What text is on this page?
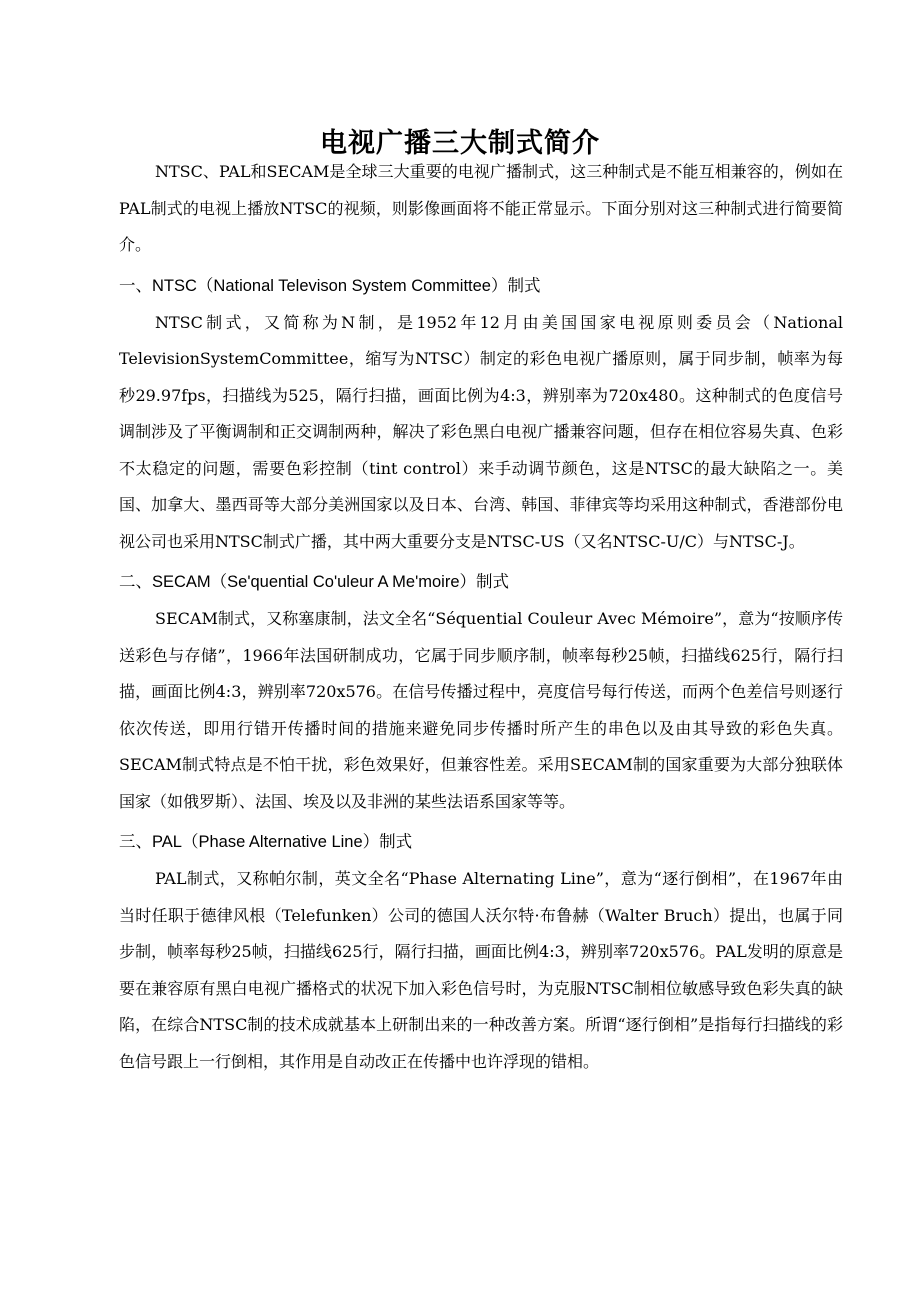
电视广播三大制式简介

NTSC、PAL和SECAM是全球三大重要的电视广播制式，这三种制式是不能互相兼容的，例如在PAL制式的电视上播放NTSC的视频，则影像画面将不能正常显示。下面分别对这三种制式进行简要简介。

一、NTSC（National Televison System Committee）制式

NTSC制式，又简称为N制，是1952年12月由美国国家电视原则委员会（National TelevisionSystemCommittee，缩写为NTSC）制定的彩色电视广播原则，属于同步制，帧率为每秒29.97fps，扫描线为525，隔行扫描，画面比例为4:3，辨别率为720x480。这种制式的色度信号调制涉及了平衡调制和正交调制两种，解决了彩色黑白电视广播兼容问题，但存在相位容易失真、色彩不太稳定的问题，需要色彩控制（tint control）来手动调节颜色，这是NTSC的最大缺陷之一。美国、加拿大、墨西哥等大部分美洲国家以及日本、台湾、韩国、菲律宾等均采用这种制式，香港部份电视公司也采用NTSC制式广播，其中两大重要分支是NTSC-US（又名NTSC-U/C）与NTSC-J。

二、SECAM（Se'quential Co'uleur A Me'moire）制式

SECAM制式，又称塞康制，法文全名“Séquential Couleur Avec Mémoire”，意为“按顺序传送彩色与存储”，1966年法国研制成功，它属于同步顺序制，帧率每秒25帧，扫描线625行，隔行扫描，画面比例4:3，辨别率720x576。在信号传播过程中，亮度信号每行传送，而两个色差信号则逐行依次传送，即用行错开传播时间的措施来避免同步传播时所产生的串色以及由其导致的彩色失真。SECAM制式特点是不怕干扰，彩色效果好，但兼容性差。采用SECAM制的国家重要为大部分独联体国家（如俄罗斯）、法国、埃及以及非洲的某些法语系国家等等。

三、PAL（Phase Alternative Line）制式

PAL制式，又称帕尔制，英文全名“Phase Alternating Line”，意为“逐行倒相”，在1967年由当时任职于德律风根（Telefunken）公司的德国人沃尔特·布鲁赫（Walter Bruch）提出，也属于同步制，帧率每秒25帧，扫描线625行，隔行扫描，画面比例4:3，辨别率720x576。PAL发明的原意是要在兼容原有黑白电视广播格式的状况下加入彩色信号时，为克服NTSC制相位敏感导致色彩失真的缺陷，在综合NTSC制的技术成就基本上研制出来的一种改善方案。所谓“逐行倒相”是指每行扫描线的彩色信号跟上一行倒相，其作用是自动改正在传播中也许浮现的错相。
